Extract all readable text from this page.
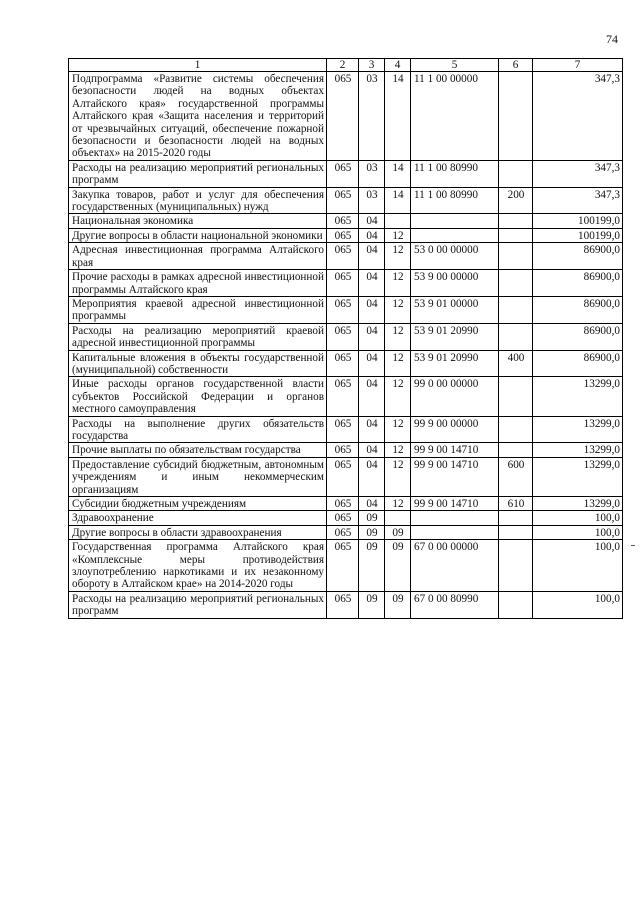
74
1	2	3	4	5	6	7
Подпрограмма «Развитие системы обеспечения безопасности людей на водных объектах Алтайского края» государственной программы Алтайского края «Защита населения и территорий от чрезвычайных ситуаций, обеспечение пожарной безопасности и безопасности людей на водных объектах» на 2015-2020 годы	065	03	14	11 1 00 00000		347,3
Расходы на реализацию мероприятий региональных программ	065	03	14	11 1 00 80990		347,3
Закупка товаров, работ и услуг для обеспечения государственных (муниципальных) нужд	065	03	14	11 1 00 80990	200	347,3
Национальная экономика	065	04				100199,0
Другие вопросы в области национальной экономики	065	04	12			100199,0
Адресная инвестиционная программа Алтайского края	065	04	12	53 0 00 00000		86900,0
Прочие расходы в рамках адресной инвестиционной программы Алтайского края	065	04	12	53 9 00 00000		86900,0
Мероприятия краевой адресной инвестиционной программы	065	04	12	53 9 01 00000		86900,0
Расходы на реализацию мероприятий краевой адресной инвестиционной программы	065	04	12	53 9 01 20990		86900,0
Капитальные вложения в объекты государственной (муниципальной) собственности	065	04	12	53 9 01 20990	400	86900,0
Иные расходы органов государственной власти субъектов Российской Федерации и органов местного самоуправления	065	04	12	99 0 00 00000		13299,0
Расходы на выполнение других обязательств государства	065	04	12	99 9 00 00000		13299,0
Прочие выплаты по обязательствам государства	065	04	12	99 9 00 14710		13299,0
Предоставление субсидий бюджетным, автономным учреждениям и иным некоммерческим организациям	065	04	12	99 9 00 14710	600	13299,0
Субсидии бюджетным учреждениям	065	04	12	99 9 00 14710	610	13299,0
Здравоохранение	065	09				100,0
Другие вопросы в области здравоохранения	065	09	09			100,0
Государственная программа Алтайского края «Комплексные меры противодействия злоупотреблению наркотиками и их незаконному обороту в Алтайском крае» на 2014-2020 годы	065	09	09	67 0 00 00000		100,0
Расходы на реализацию мероприятий региональных программ	065	09	09	67 0 00 80990		100,0
